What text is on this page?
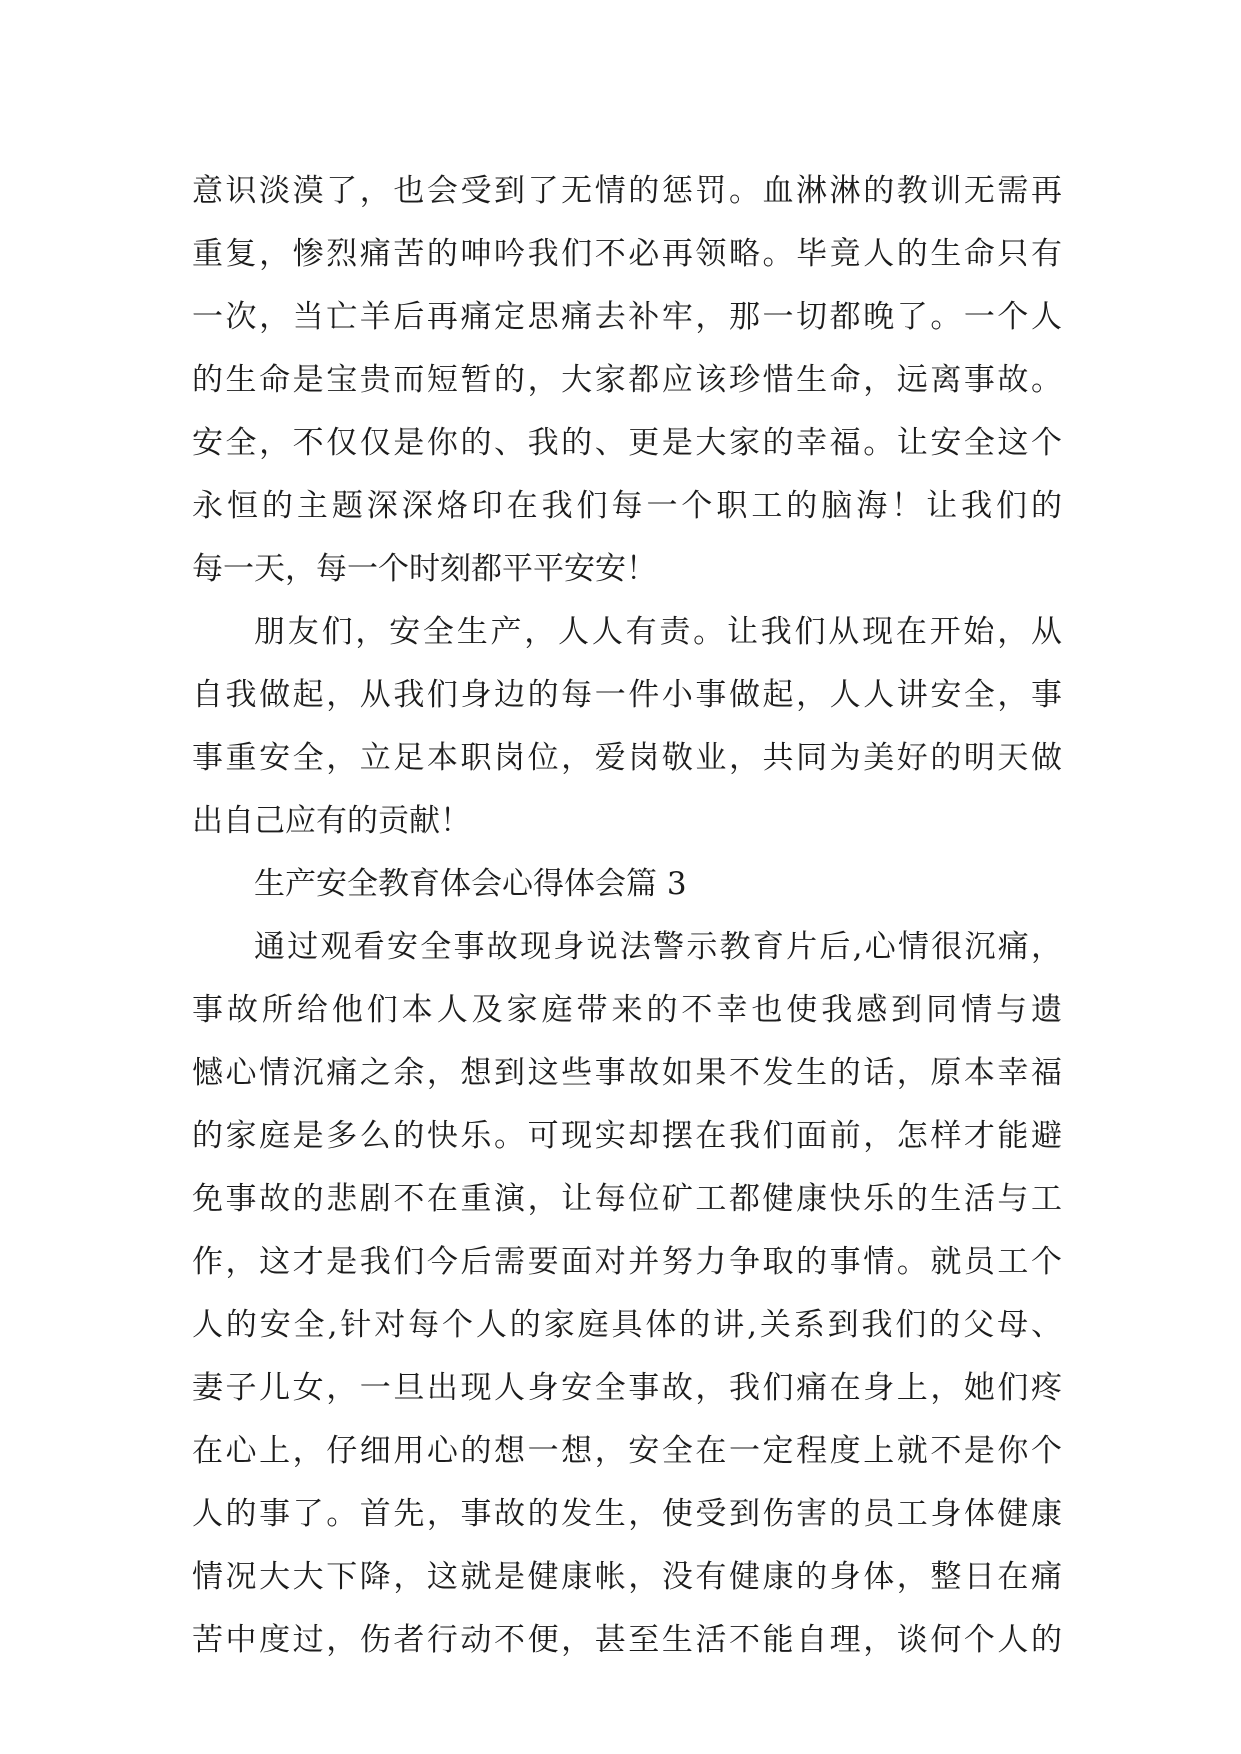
意识淡漠了，也会受到了无情的惩罚。血淋淋的教训无需再
重复，惨烈痛苦的呻吟我们不必再领略。毕竟人的生命只有
一次，当亡羊后再痛定思痛去补牢，那一切都晚了。一个人
的生命是宝贵而短暂的，大家都应该珍惜生命，远离事故。
安全，不仅仅是你的、我的、更是大家的幸福。让安全这个
永恒的主题深深烙印在我们每一个职工的脑海！让我们的
每一天，每一个时刻都平平安安！
朋友们，安全生产，人人有责。让我们从现在开始，从
自我做起，从我们身边的每一件小事做起，人人讲安全，事
事重安全，立足本职岗位，爱岗敬业，共同为美好的明天做
出自己应有的贡献！
生产安全教育体会心得体会篇 3
通过观看安全事故现身说法警示教育片后,心情很沉痛，
事故所给他们本人及家庭带来的不幸也使我感到同情与遗
憾心情沉痛之余，想到这些事故如果不发生的话，原本幸福
的家庭是多么的快乐。可现实却摆在我们面前，怎样才能避
免事故的悲剧不在重演，让每位矿工都健康快乐的生活与工
作，这才是我们今后需要面对并努力争取的事情。就员工个
人的安全,针对每个人的家庭具体的讲,关系到我们的父母、
妻子儿女，一旦出现人身安全事故，我们痛在身上，她们疼
在心上，仔细用心的想一想，安全在一定程度上就不是你个
人的事了。首先，事故的发生，使受到伤害的员工身体健康
情况大大下降，这就是健康帐，没有健康的身体，整日在痛
苦中度过，伤者行动不便，甚至生活不能自理，谈何个人的
